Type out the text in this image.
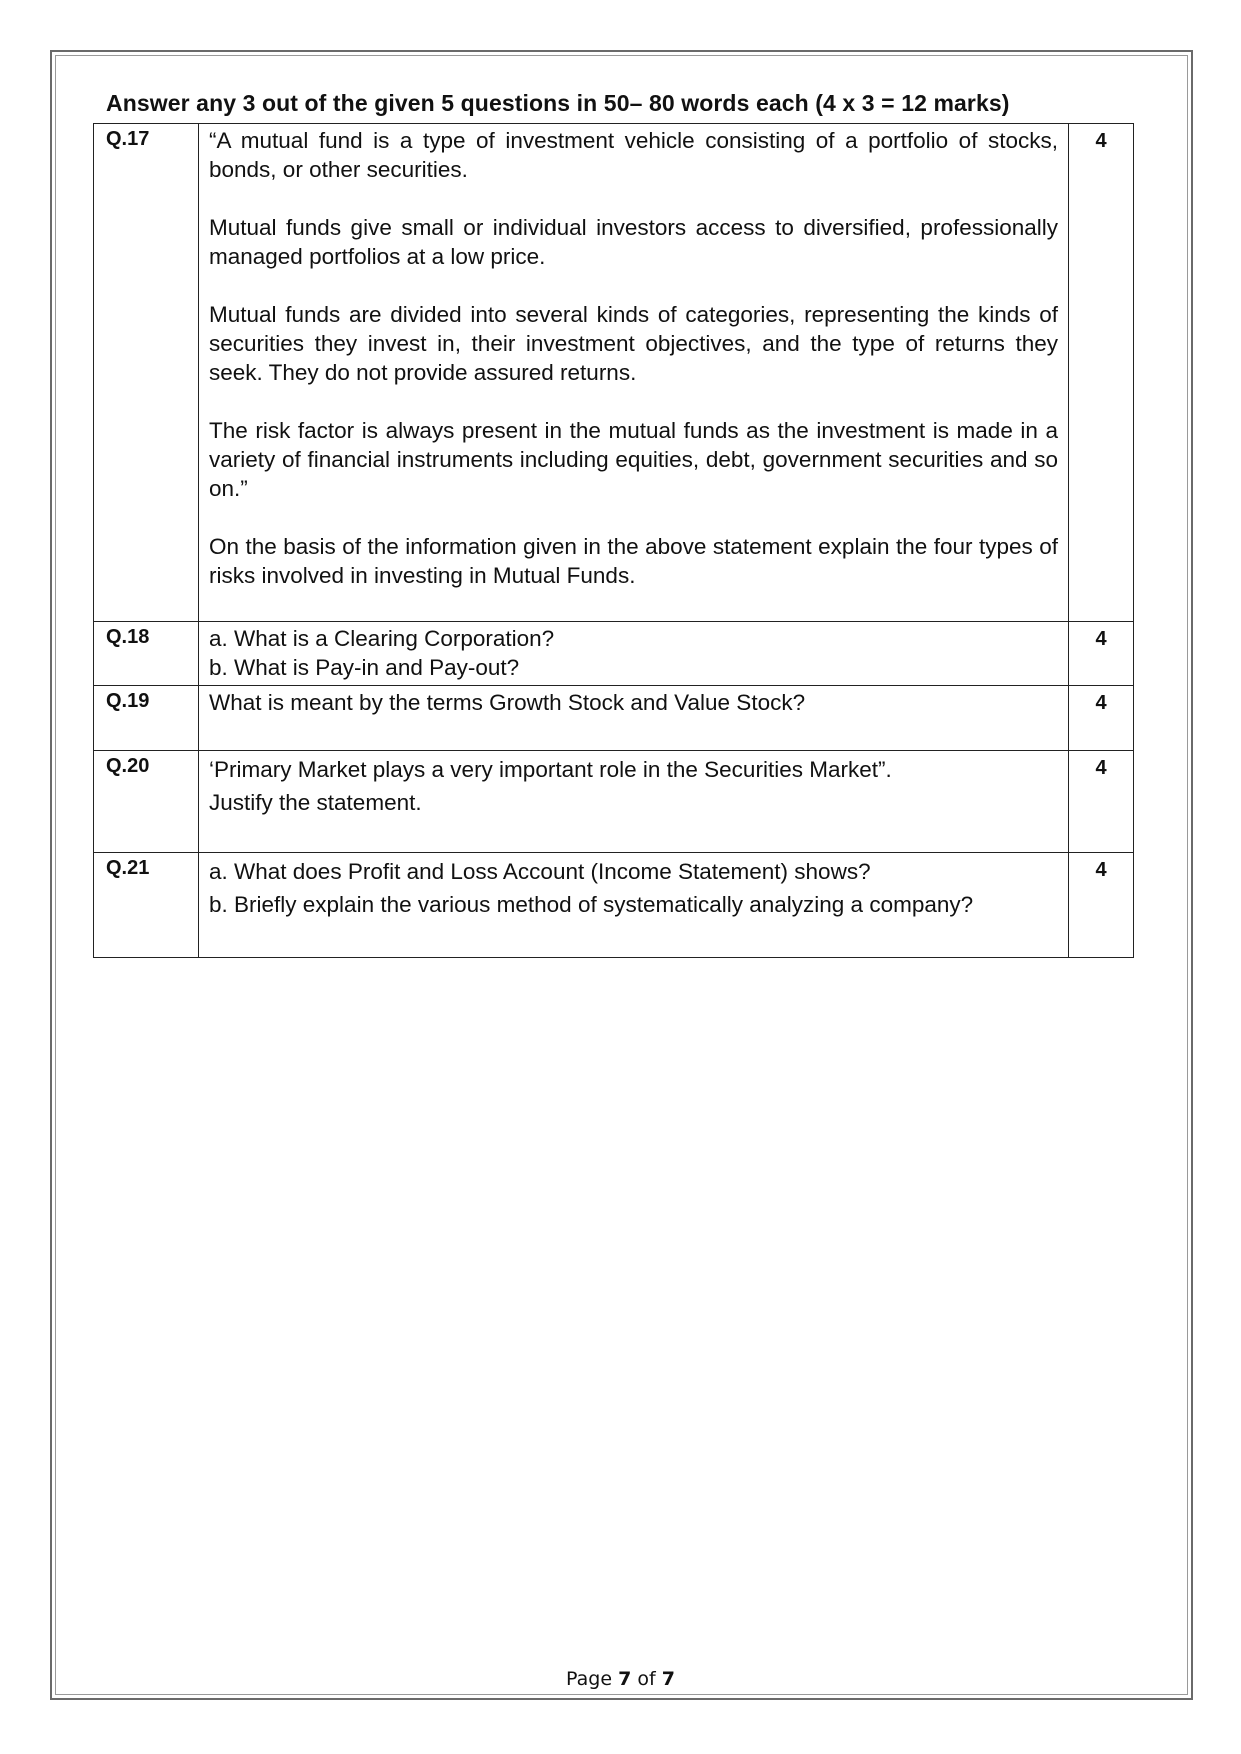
Answer any 3 out of the given 5 questions in 50– 80 words each (4 x 3 = 12 marks)
Q.17	“A mutual fund is a type of investment vehicle consisting of a portfolio of stocks, bonds, or other securities.

Mutual funds give small or individual investors access to diversified, professionally managed portfolios at a low price.

Mutual funds are divided into several kinds of categories, representing the kinds of securities they invest in, their investment objectives, and the type of returns they seek. They do not provide assured returns.

The risk factor is always present in the mutual funds as the investment is made in a variety of financial instruments including equities, debt, government securities and so on.”

On the basis of the information given in the above statement explain the four types of risks involved in investing in Mutual Funds.	4
Q.18	a. What is a Clearing Corporation?
b. What is Pay-in and Pay-out?	4
Q.19	What is meant by the terms Growth Stock and Value Stock?	4
Q.20	‘Primary Market plays a very important role in the Securities Market”.
Justify the statement.	4
Q.21	a. What does Profit and Loss Account (Income Statement) shows?
b. Briefly explain the various method of systematically analyzing a company?	4
Page 7 of 7
